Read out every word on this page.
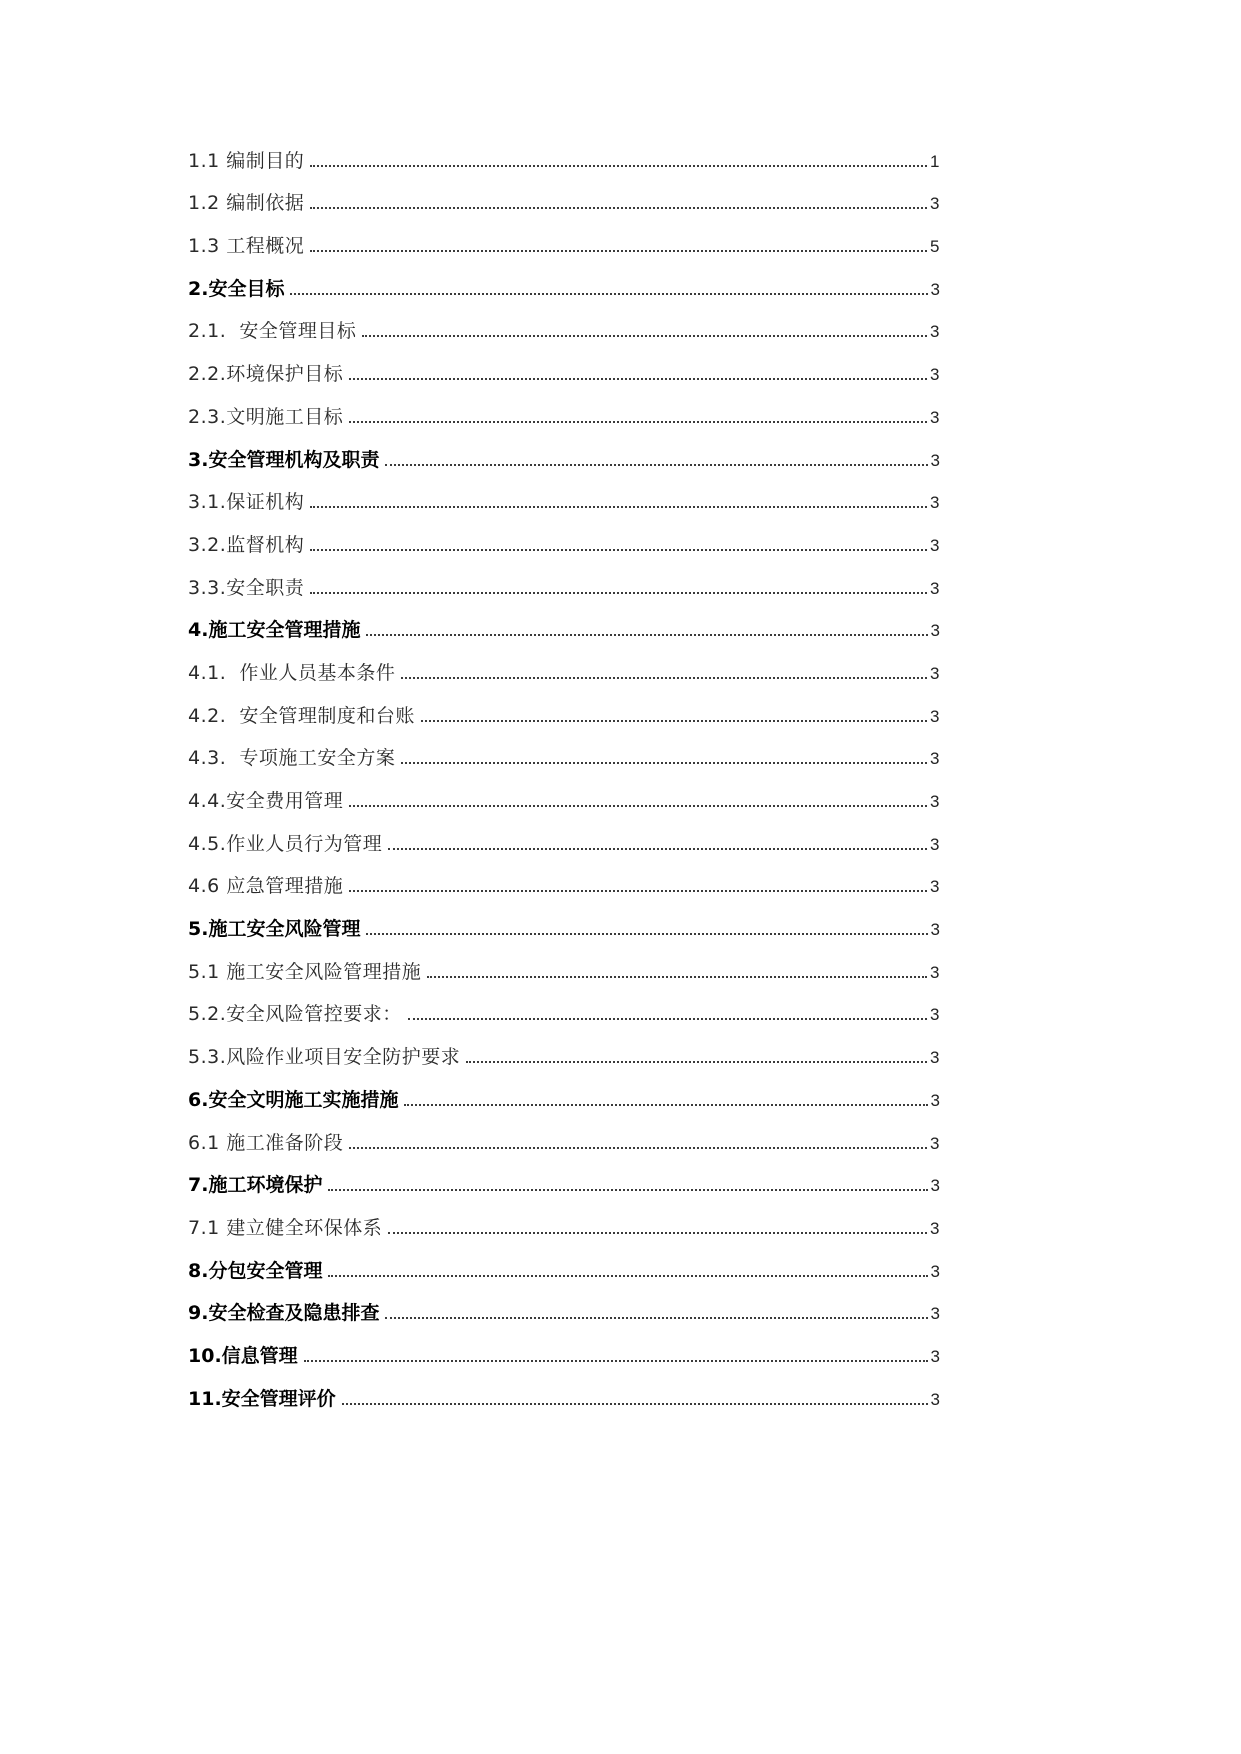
1.1 编制目的	1
1.2 编制依据	3
1.3 工程概况	5
2.安全目标	3
2.1.  安全管理目标	3
2.2.环境保护目标	3
2.3.文明施工目标	3
3.安全管理机构及职责	3
3.1.保证机构	3
3.2.监督机构	3
3.3.安全职责	3
4.施工安全管理措施	3
4.1.  作业人员基本条件	3
4.2.  安全管理制度和台账	3
4.3.  专项施工安全方案	3
4.4.安全费用管理	3
4.5.作业人员行为管理	3
4.6 应急管理措施	3
5.施工安全风险管理	3
5.1 施工安全风险管理措施	3
5.2.安全风险管控要求：	3
5.3.风险作业项目安全防护要求	3
6.安全文明施工实施措施	3
6.1 施工准备阶段	3
7.施工环境保护	3
7.1 建立健全环保体系	3
8.分包安全管理	3
9.安全检查及隐患排查	3
10.信息管理	3
11.安全管理评价	3
